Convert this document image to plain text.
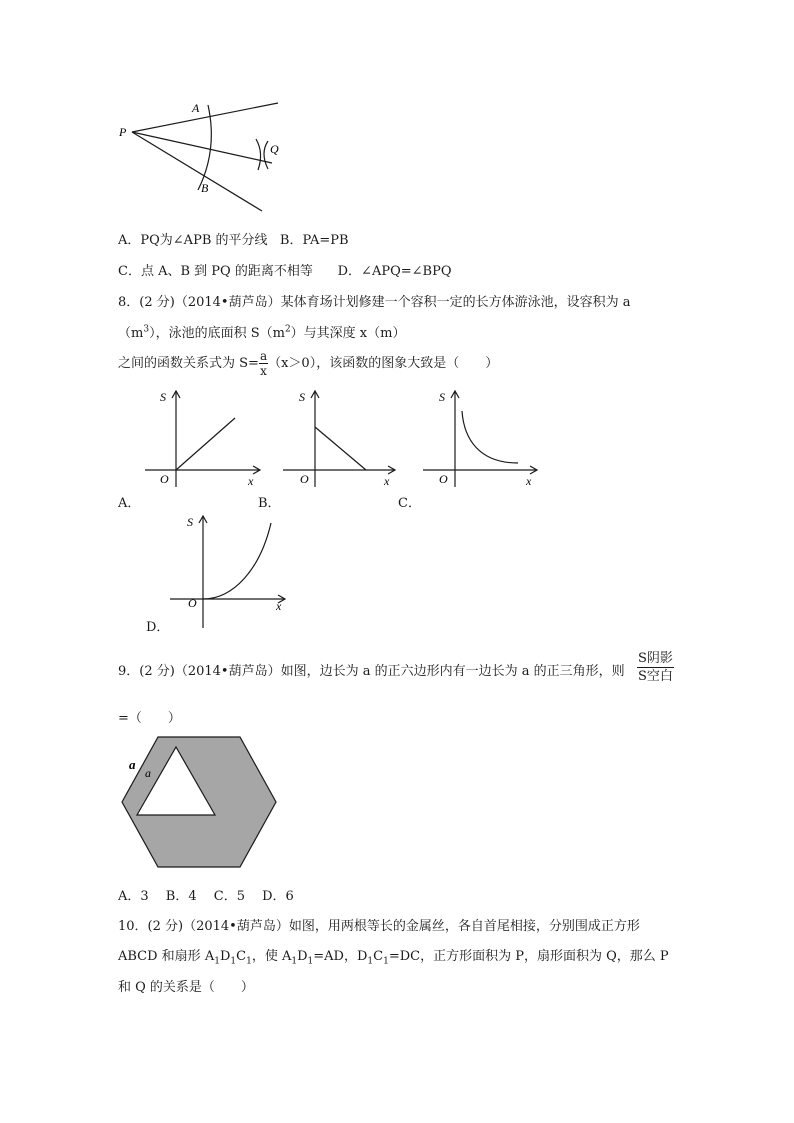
P
A
B
Q
A．PQ为∠APB 的平分线 B．PA=PB
C．点 A、B 到 PQ 的距离不相等 D．∠APQ=∠BPQ
8．(2 分)（2014•葫芦岛）某体育场计划修建一个容积一定的长方体游泳池，设容积为 a
$(m^3)$，泳池的底面积 $S(m^2)$与其深度 x（m）
之间的函数关系式为 $S= \frac{a}{x} (x>0)$，该函数的图象大致是（　　）
S
O	x
A．
S
O	x
B．
S
O	x
C．
S
O	x
D．
9．(2 分)（2014•葫芦岛）如图，边长为 a 的正六边形内有一边长为 a 的正三角形，则 $\frac{\text{S阴影}}{\text{S空白}}$
=（　　）
a
a
A．3　 B．4　 C．5　 D．6
10．(2 分)（2014•葫芦岛）如图，用两根等长的金属丝，各自首尾相接，分别围成正方形
ABCD 和扇形 $A_1D_1C_1$，使 $A_1D_1=AD$，$D_1C_1=DC$，正方形面积为 P，扇形面积为 Q，那么 P
和 Q 的关系是（　　）
